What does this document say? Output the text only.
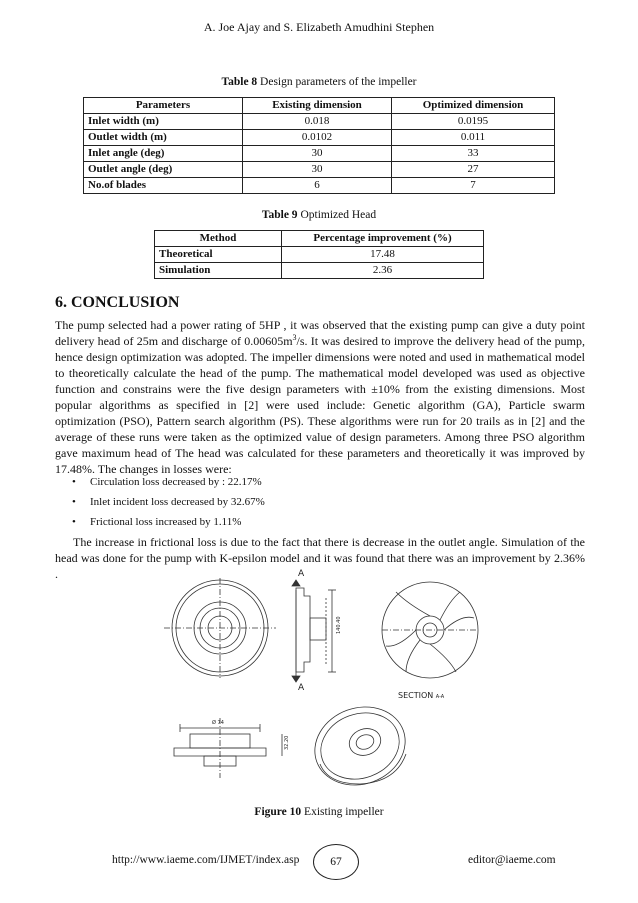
A. Joe Ajay and S. Elizabeth Amudhini Stephen
Table 8 Design parameters of the impeller
Parameters	Existing dimension	Optimized dimension
Inlet width (m)	0.018	0.0195
Outlet width (m)	0.0102	0.011
Inlet angle (deg)	30	33
Outlet angle (deg)	30	27
No.of blades	6	7
Table 9 Optimized Head
Method	Percentage improvement (%)
Theoretical	17.48
Simulation	2.36
6. CONCLUSION
The pump selected had a power rating of 5HP , it was observed that the existing pump can give a duty point delivery head of 25m and discharge of $0.00605m^3/s$. It was desired to improve the delivery head of the pump, hence design optimization was adopted. The impeller dimensions were noted and used in mathematical model to theoretically calculate the head of the pump. The mathematical model developed was used as objective function and constrains were the five design parameters with ±10% from the existing dimensions. Most popular algorithms as specified in [2] were used include: Genetic algorithm (GA), Particle swarm optimization (PSO), Pattern search algorithm (PS). These algorithms were run for 20 trails as in [2] and the average of these runs were taken as the optimized value of design parameters. Among three PSO algorithm gave maximum head of The head was calculated for these parameters and theoretically it was improved by 17.48%. The changes in losses were:
• Circulation loss decreased by : 22.17%
• Inlet incident loss decreased by 32.67%
• Frictional loss increased by 1.11%
The increase in frictional loss is due to the fact that there is decrease in the outlet angle. Simulation of the head was done for the pump with K-epsilon model and it was found that there was an improvement by 2.36% .	A
A
140.40
Ø 74
32.20
SECTION A-A
Figure 10 Existing impeller
http://www.iaeme.com/IJMET/index.asp	67	editor@iaeme.com
